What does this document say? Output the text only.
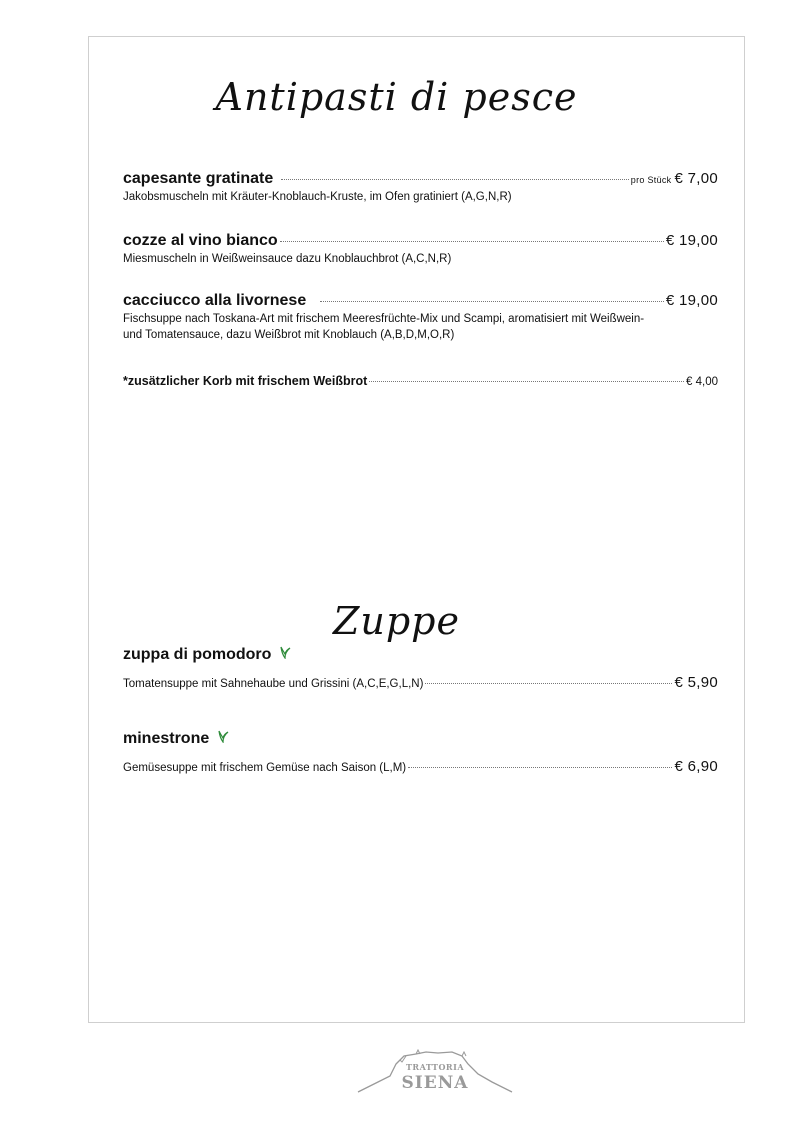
Antipasti di pesce
capesante gratinate	pro Stück € 7,00
Jakobsmuscheln mit Kräuter-Knoblauch-Kruste, im Ofen gratiniert (A,G,N,R)
cozze al vino bianco	€ 19,00
Miesmuscheln in Weißweinsauce dazu Knoblauchbrot (A,C,N,R)
cacciucco alla livornese	€ 19,00
Fischsuppe nach Toskana-Art mit frischem Meeresfrüchte-Mix und Scampi, aromatisiert mit Weißwein-
und Tomatensauce, dazu Weißbrot mit Knoblauch (A,B,D,M,O,R)
*zusätzlicher Korb mit frischem Weißbrot	€ 4,00
Zuppe
zuppa di pomodoro
Tomatensuppe mit Sahnehaube und Grissini (A,C,E,G,L,N)	€ 5,90
minestrone
Gemüsesuppe mit frischem Gemüse nach Saison (L,M)	€ 6,90
TRATTORIA
SIENA
